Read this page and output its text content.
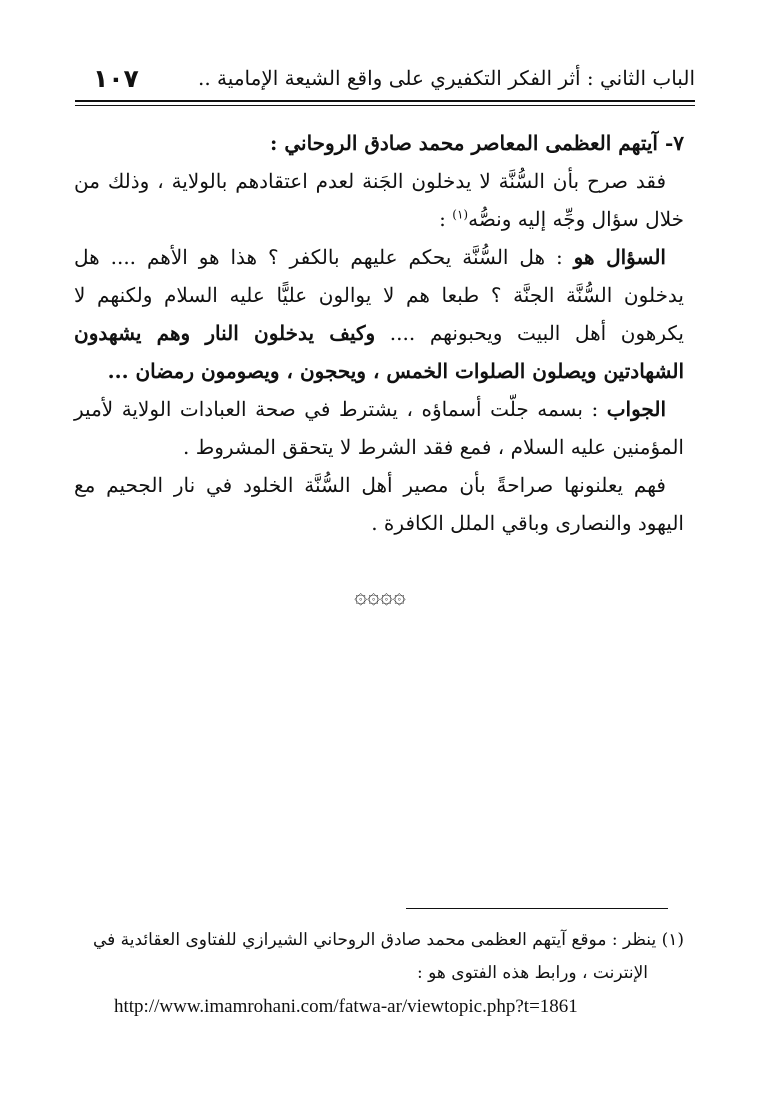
١٠٧	الباب الثاني : أثر الفكر التكفيري على واقع الشيعة الإمامية ..

٧- آيتهم العظمى المعاصر محمد صادق الروحاني :

فقد صرح بأن السُّنَّة لا يدخلون الجَنة لعدم اعتقادهم بالولاية ، وذلك من خلال سؤال وجِّه إليه ونصُّه$^{(١)}$ :

السؤال هو : هل السُّنَّة يحكم عليهم بالكفر ؟ هذا هو الأهم .... هل يدخلون السُّنَّة الجنَّة ؟ طبعا هم لا يوالون عليًّا عليه السلام ولكنهم لا يكرهون أهل البيت ويحبونهم .... وكيف يدخلون النار وهم يشهدون الشهادتين ويصلون الصلوات الخمس ، ويحجون ، ويصومون رمضان ...

الجواب : بسمه جلّت أسماؤه ، يشترط في صحة العبادات الولاية لأمير المؤمنين عليه السلام ، فمع فقد الشرط لا يتحقق المشروط .

فهم يعلنونها صراحةً بأن مصير أهل السُّنَّة الخلود في نار الجحيم مع اليهود والنصارى وباقي الملل الكافرة .

۞۞۞۞

(١) ينظر : موقع آيتهم العظمى محمد صادق الروحاني الشيرازي للفتاوى العقائدية في

الإنترنت ، ورابط هذه الفتوى هو :

http://www.imamrohani.com/fatwa-ar/viewtopic.php?t=1861
